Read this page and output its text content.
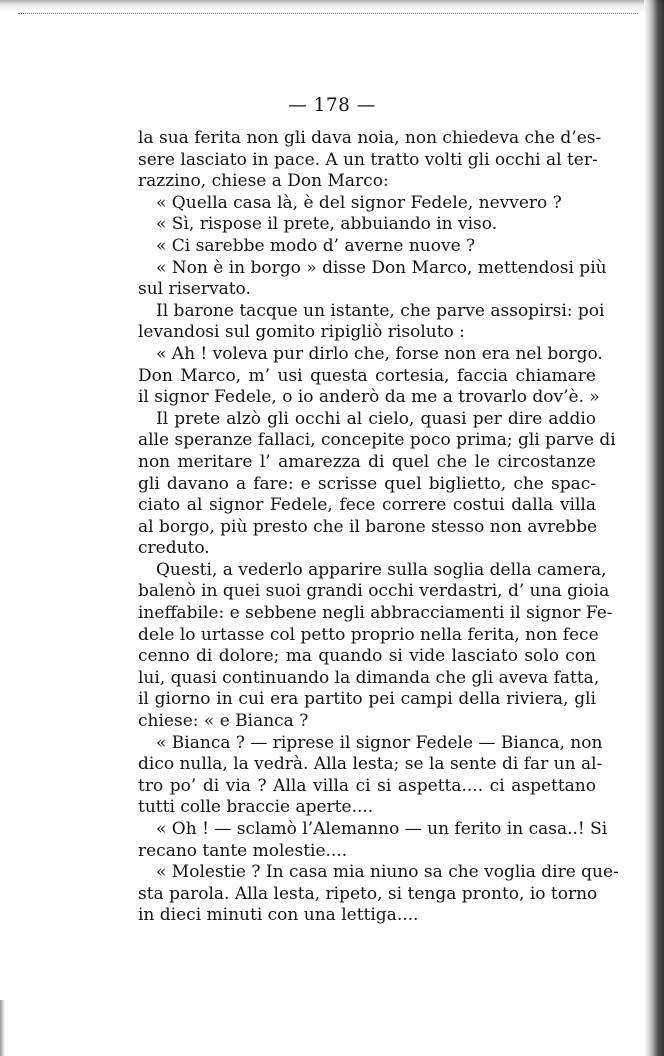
— 178 —
la sua ferita non gli dava noia, non chiedeva che d’es-
sere lasciato in pace. A un tratto volti gli occhi al ter-
razzino, chiese a Don Marco:
« Quella casa là, è del signor Fedele, nevvero ?
« Sì, rispose il prete, abbuiando in viso.
« Ci sarebbe modo d’ averne nuove ?
« Non è in borgo » disse Don Marco, mettendosi più
sul riservato.
Il barone tacque un istante, che parve assopirsi: poi
levandosi sul gomito ripigliò risoluto :
« Ah ! voleva pur dirlo che, forse non era nel borgo.
Don Marco, m’ usi questa cortesia, faccia chiamare
il signor Fedele, o io anderò da me a trovarlo dov’è. »
Il prete alzò gli occhi al cielo, quasi per dire addio
alle speranze fallaci, concepite poco prima; gli parve di
non meritare l’ amarezza di quel che le circostanze
gli davano a fare: e scrisse quel biglietto, che spac-
ciato al signor Fedele, fece correre costui dalla villa
al borgo, più presto che il barone stesso non avrebbe
creduto.
Questi, a vederlo apparire sulla soglia della camera,
balenò in quei suoi grandi occhi verdastri, d’ una gioia
ineffabile: e sebbene negli abbracciamenti il signor Fe-
dele lo urtasse col petto proprio nella ferita, non fece
cenno di dolore; ma quando si vide lasciato solo con
lui, quasi continuando la dimanda che gli aveva fatta,
il giorno in cui era partito pei campi della riviera, gli
chiese: « e Bianca ?
« Bianca ? — riprese il signor Fedele — Bianca, non
dico nulla, la vedrà. Alla lesta; se la sente di far un al-
tro po’ di via ? Alla villa ci si aspetta.... ci aspettano
tutti colle braccie aperte....
« Oh ! — sclamò l’Alemanno — un ferito in casa..! Si
recano tante molestie....
« Molestie ? In casa mia niuno sa che voglia dire que-
sta parola. Alla lesta, ripeto, si tenga pronto, io torno
in dieci minuti con una lettiga....
